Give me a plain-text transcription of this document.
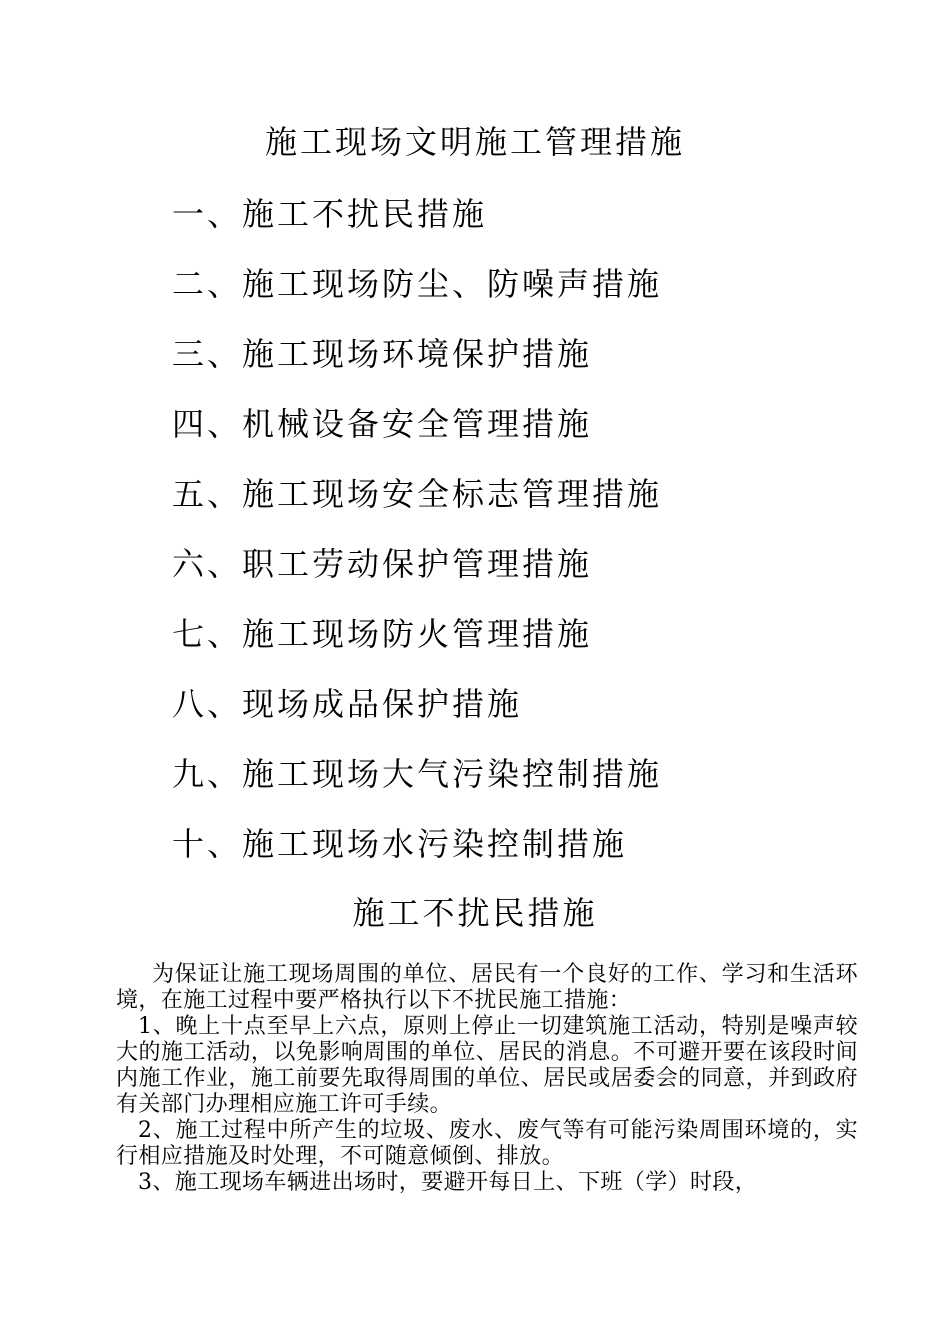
施工现场文明施工管理措施
一、施工不扰民措施
二、施工现场防尘、防噪声措施
三、施工现场环境保护措施
四、机械设备安全管理措施
五、施工现场安全标志管理措施
六、职工劳动保护管理措施
七、施工现场防火管理措施
八、现场成品保护措施
九、施工现场大气污染控制措施
十、施工现场水污染控制措施
施工不扰民措施

为保证让施工现场周围的单位、居民有一个良好的工作、学习和生活环境，在施工过程中要严格执行以下不扰民施工措施：

1、晚上十点至早上六点，原则上停止一切建筑施工活动，特别是噪声较大的施工活动，以免影响周围的单位、居民的消息。不可避开要在该段时间内施工作业，施工前要先取得周围的单位、居民或居委会的同意，并到政府有关部门办理相应施工许可手续。

2、施工过程中所产生的垃圾、废水、废气等有可能污染周围环境的，实行相应措施及时处理，不可随意倾倒、排放。

3、施工现场车辆进出场时，要避开每日上、下班（学）时段，
